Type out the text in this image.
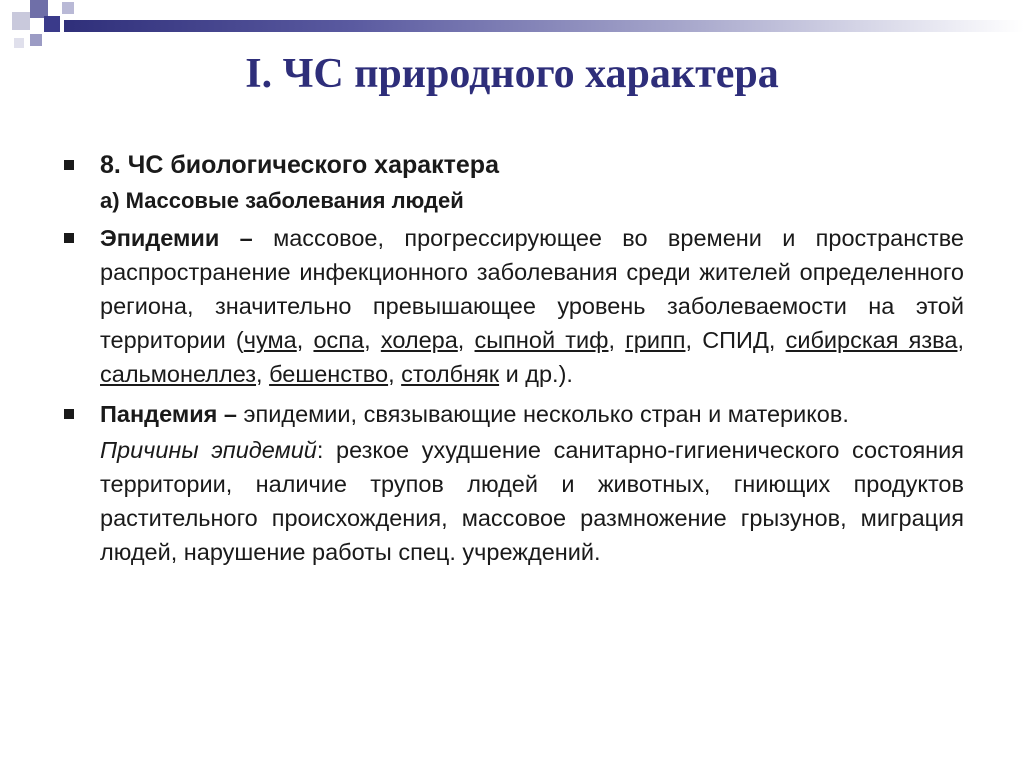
I. ЧС природного характера
8. ЧС биологического характера
а) Массовые заболевания людей
Эпидемии – массовое, прогрессирующее во времени и пространстве распространение инфекционного заболевания среди жителей определенного региона, значительно превышающее уровень заболеваемости на этой территории (чума, оспа, холера, сыпной тиф, грипп, СПИД, сибирская язва, сальмонеллез, бешенство, столбняк и др.).
Пандемия – эпидемии, связывающие несколько стран и материков.
Причины эпидемий: резкое ухудшение санитарно-гигиенического состояния территории, наличие трупов людей и животных, гниющих продуктов растительного происхождения, массовое размножение грызунов, миграция людей, нарушение работы спец. учреждений.
